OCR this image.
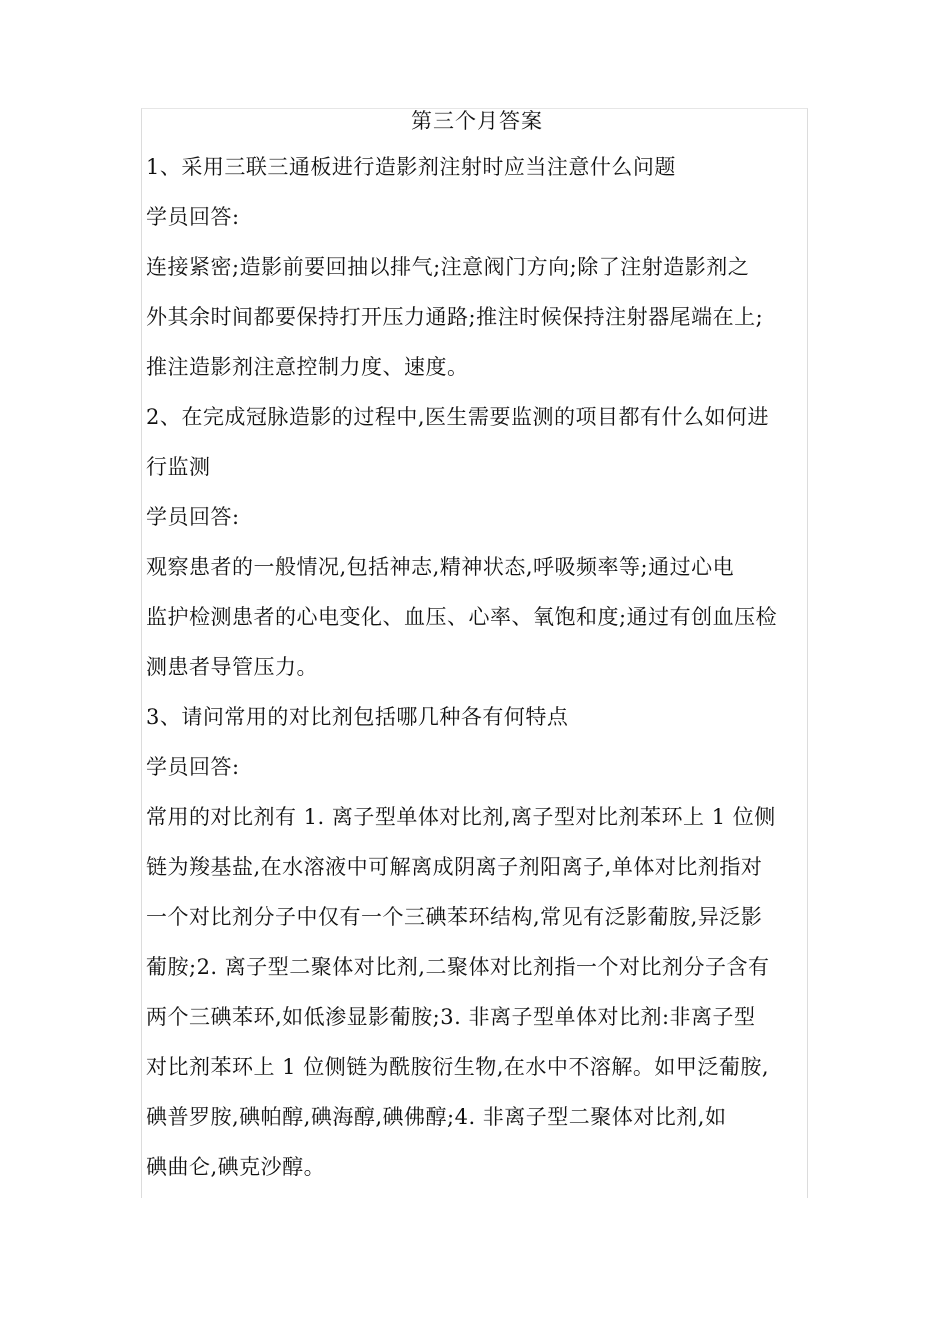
第三个月答案

1、采用三联三通板进行造影剂注射时应当注意什么问题

学员回答:

连接紧密;造影前要回抽以排气;注意阀门方向;除了注射造影剂之

外其余时间都要保持打开压力通路;推注时候保持注射器尾端在上;

推注造影剂注意控制力度、速度。

2、在完成冠脉造影的过程中,医生需要监测的项目都有什么如何进

行监测

学员回答:

观察患者的一般情况,包括神志,精神状态,呼吸频率等;通过心电

监护检测患者的心电变化、血压、心率、氧饱和度;通过有创血压检

测患者导管压力。

3、请问常用的对比剂包括哪几种各有何特点

学员回答:

常用的对比剂有 1. 离子型单体对比剂,离子型对比剂苯环上 1 位侧

链为羧基盐,在水溶液中可解离成阴离子剂阳离子,单体对比剂指对

一个对比剂分子中仅有一个三碘苯环结构,常见有泛影葡胺,异泛影

葡胺;2. 离子型二聚体对比剂,二聚体对比剂指一个对比剂分子含有

两个三碘苯环,如低渗显影葡胺;3. 非离子型单体对比剂:非离子型

对比剂苯环上 1 位侧链为酰胺衍生物,在水中不溶解。如甲泛葡胺,

碘普罗胺,碘帕醇,碘海醇,碘佛醇;4. 非离子型二聚体对比剂,如

碘曲仑,碘克沙醇。
